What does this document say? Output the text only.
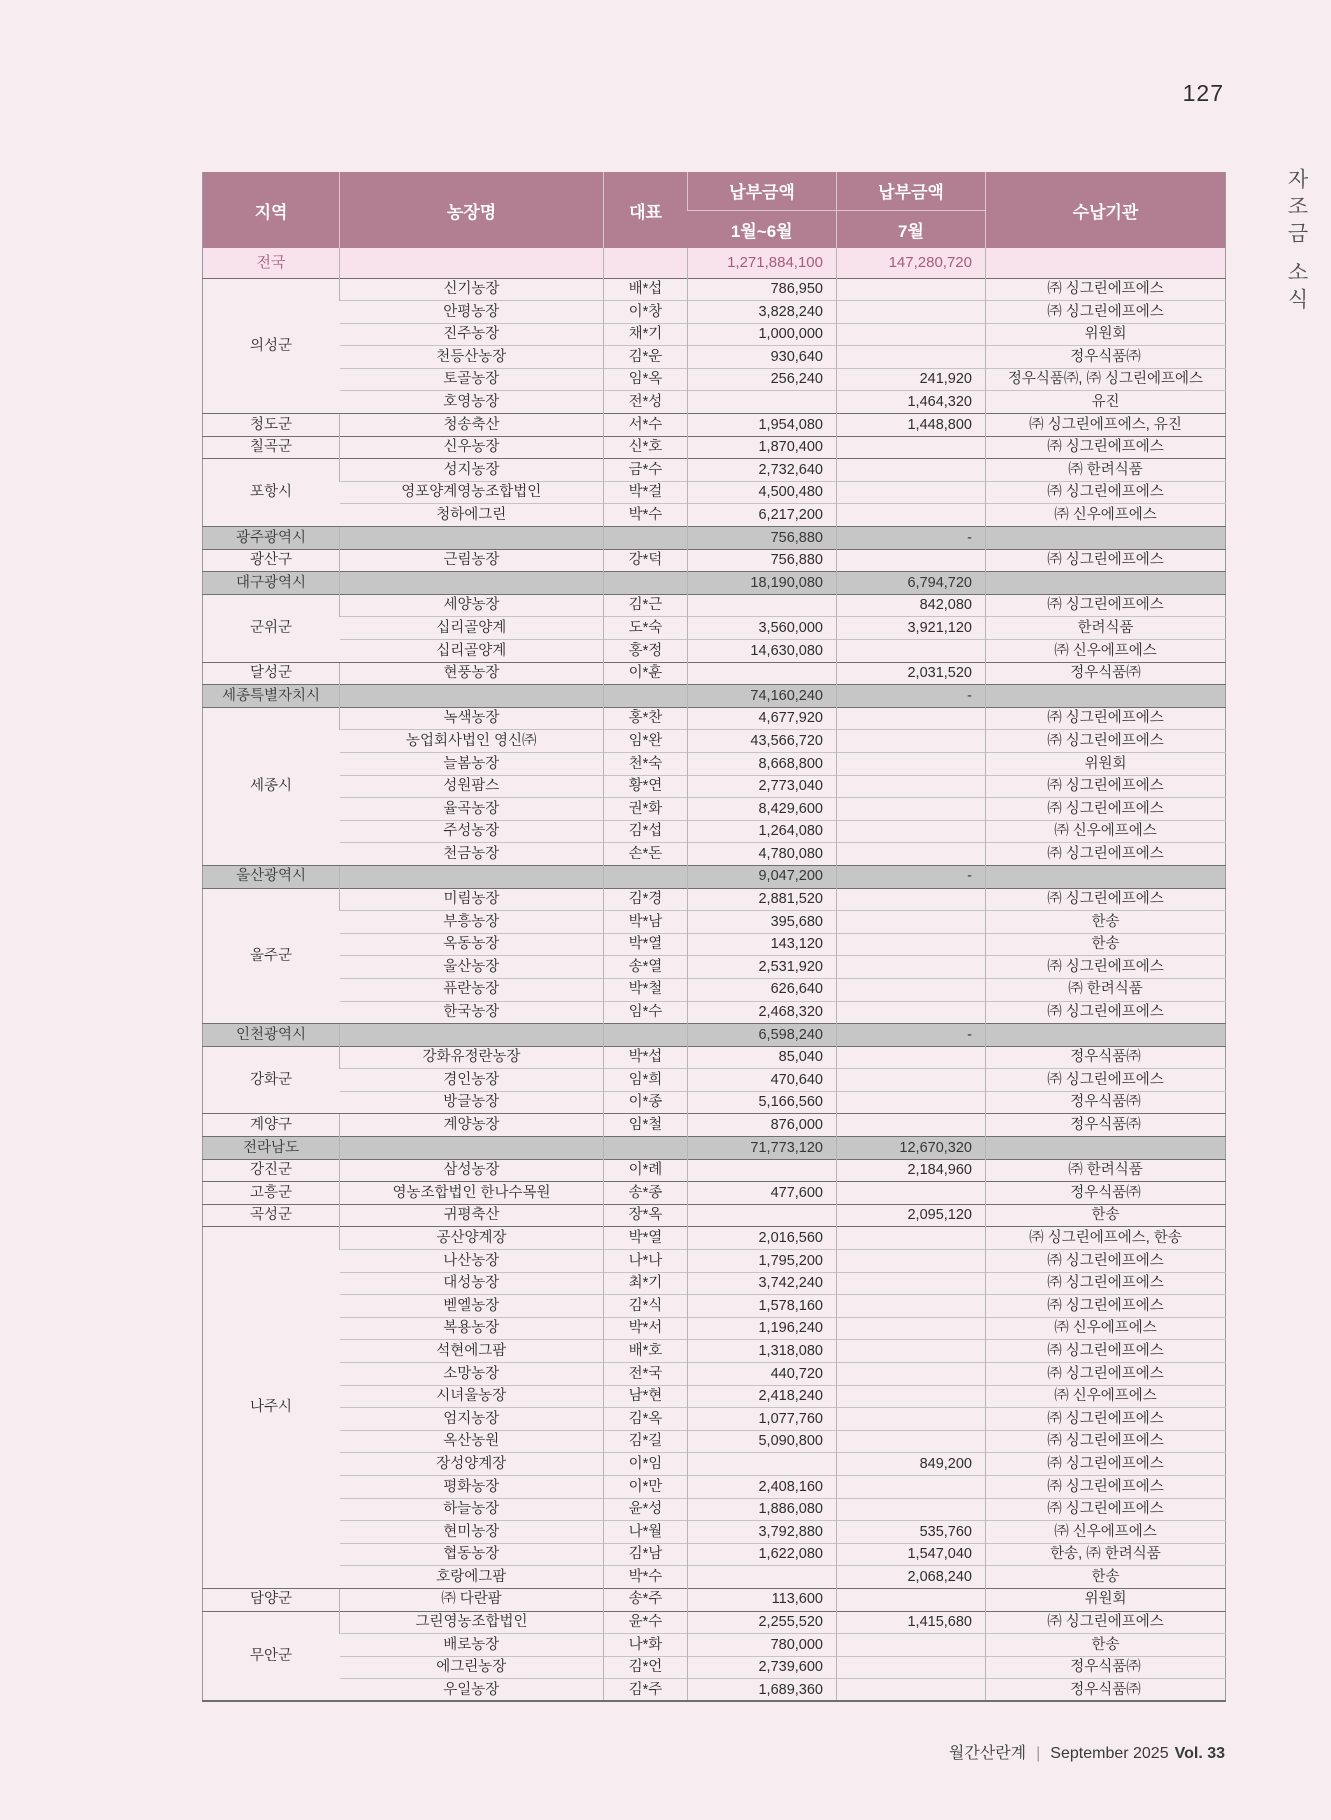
127
자조금 소식
지역	농장명	대표	납부금액	납부금액	수납기관
			1월~6월	7월	
전국			1,271,884,100	147,280,720	
의성군	신기농장	배*섭	786,950		㈜ 싱그린에프에스
	안평농장	이*창	3,828,240		㈜ 싱그린에프에스
	진주농장	채*기	1,000,000		위원회
	천등산농장	김*운	930,640		정우식품㈜
	토골농장	임*옥	256,240	241,920	정우식품㈜, ㈜ 싱그린에프에스
	호영농장	전*성		1,464,320	유진
청도군	청송축산	서*수	1,954,080	1,448,800	㈜ 싱그린에프에스, 유진
칠곡군	신우농장	신*호	1,870,400		㈜ 싱그린에프에스
포항시	성지농장	금*수	2,732,640		㈜ 한려식품
	영포양계영농조합법인	박*걸	4,500,480		㈜ 싱그린에프에스
	청하에그린	박*수	6,217,200		㈜ 신우에프에스
광주광역시			756,880	-	
광산구	근림농장	강*덕	756,880		㈜ 싱그린에프에스
대구광역시			18,190,080	6,794,720	
군위군	세양농장	김*근		842,080	㈜ 싱그린에프에스
	십리골양계	도*숙	3,560,000	3,921,120	한려식품
	십리골양계	홍*정	14,630,080		㈜ 신우에프에스
달성군	현풍농장	이*훈		2,031,520	정우식품㈜
세종특별자치시			74,160,240	-	
세종시	녹색농장	홍*찬	4,677,920		㈜ 싱그린에프에스
	농업회사법인 영신㈜	임*완	43,566,720		㈜ 싱그린에프에스
	늘봄농장	천*숙	8,668,800		위원회
	성원팜스	황*연	2,773,040		㈜ 싱그린에프에스
	율곡농장	권*화	8,429,600		㈜ 싱그린에프에스
	주성농장	김*섭	1,264,080		㈜ 신우에프에스
	천금농장	손*돈	4,780,080		㈜ 싱그린에프에스
울산광역시			9,047,200	-	
울주군	미림농장	김*경	2,881,520		㈜ 싱그린에프에스
	부흥농장	박*남	395,680		한송
	옥동농장	박*열	143,120		한송
	울산농장	송*열	2,531,920		㈜ 싱그린에프에스
	퓨란농장	박*철	626,640		㈜ 한려식품
	한국농장	임*수	2,468,320		㈜ 싱그린에프에스
인천광역시			6,598,240	-	
강화군	강화유정란농장	박*섭	85,040		정우식품㈜
	경인농장	임*희	470,640		㈜ 싱그린에프에스
	방글농장	이*종	5,166,560		정우식품㈜
계양구	계양농장	임*철	876,000		정우식품㈜
전라남도			71,773,120	12,670,320	
강진군	삼성농장	이*례		2,184,960	㈜ 한려식품
고흥군	영농조합법인 한나수목원	송*종	477,600		정우식품㈜
곡성군	귀평축산	장*옥		2,095,120	한송
나주시	공산양계장	박*열	2,016,560		㈜ 싱그린에프에스, 한송
	나산농장	나*나	1,795,200		㈜ 싱그린에프에스
	대성농장	최*기	3,742,240		㈜ 싱그린에프에스
	벧엘농장	김*식	1,578,160		㈜ 싱그린에프에스
	복용농장	박*서	1,196,240		㈜ 신우에프에스
	석현에그팜	배*호	1,318,080		㈜ 싱그린에프에스
	소망농장	전*국	440,720		㈜ 싱그린에프에스
	시녀울농장	남*현	2,418,240		㈜ 신우에프에스
	엄지농장	김*옥	1,077,760		㈜ 싱그린에프에스
	옥산농원	김*길	5,090,800		㈜ 싱그린에프에스
	장성양계장	이*임		849,200	㈜ 싱그린에프에스
	평화농장	이*만	2,408,160		㈜ 싱그린에프에스
	하늘농장	윤*성	1,886,080		㈜ 싱그린에프에스
	현미농장	나*월	3,792,880	535,760	㈜ 신우에프에스
	협동농장	김*남	1,622,080	1,547,040	한송, ㈜ 한려식품
	호랑에그팜	박*수		2,068,240	한송
담양군	㈜ 다란팜	송*주	113,600		위원회
무안군	그린영농조합법인	윤*수	2,255,520	1,415,680	㈜ 싱그린에프에스
	배로농장	나*화	780,000		한송
	에그린농장	김*언	2,739,600		정우식품㈜
	우일농장	김*주	1,689,360		정우식품㈜
월간산란계 | September 2025 Vol. 33
